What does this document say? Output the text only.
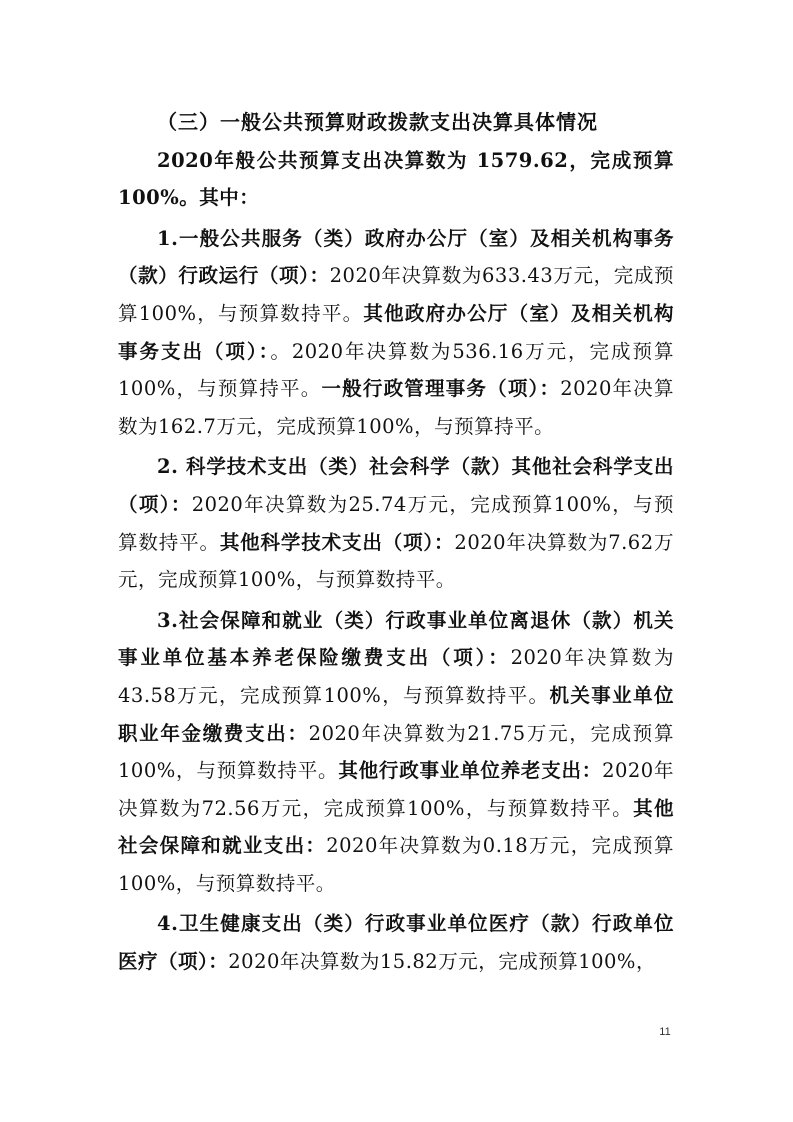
（三）一般公共预算财政拨款支出决算具体情况

2020年般公共预算支出决算数为 1579.62，完成预算100%。其中：

1.一般公共服务（类）政府办公厅（室）及相关机构事务（款）行政运行（项）：2020年决算数为633.43万元，完成预算100%，与预算数持平。其他政府办公厅（室）及相关机构事务支出（项）：。2020年决算数为536.16万元，完成预算100%，与预算持平。一般行政管理事务（项）：2020年决算数为162.7万元，完成预算100%，与预算持平。

2. 科学技术支出（类）社会科学（款）其他社会科学支出（项）：2020年决算数为25.74万元，完成预算100%，与预算数持平。其他科学技术支出（项）：2020年决算数为7.62万元，完成预算100%，与预算数持平。

3.社会保障和就业（类）行政事业单位离退休（款）机关事业单位基本养老保险缴费支出（项）：2020年决算数为43.58万元，完成预算100%，与预算数持平。机关事业单位职业年金缴费支出：2020年决算数为21.75万元，完成预算100%，与预算数持平。其他行政事业单位养老支出：2020年决算数为72.56万元，完成预算100%，与预算数持平。其他社会保障和就业支出：2020年决算数为0.18万元，完成预算100%，与预算数持平。

4.卫生健康支出（类）行政事业单位医疗（款）行政单位医疗（项）：2020年决算数为15.82万元，完成预算100%，

11
